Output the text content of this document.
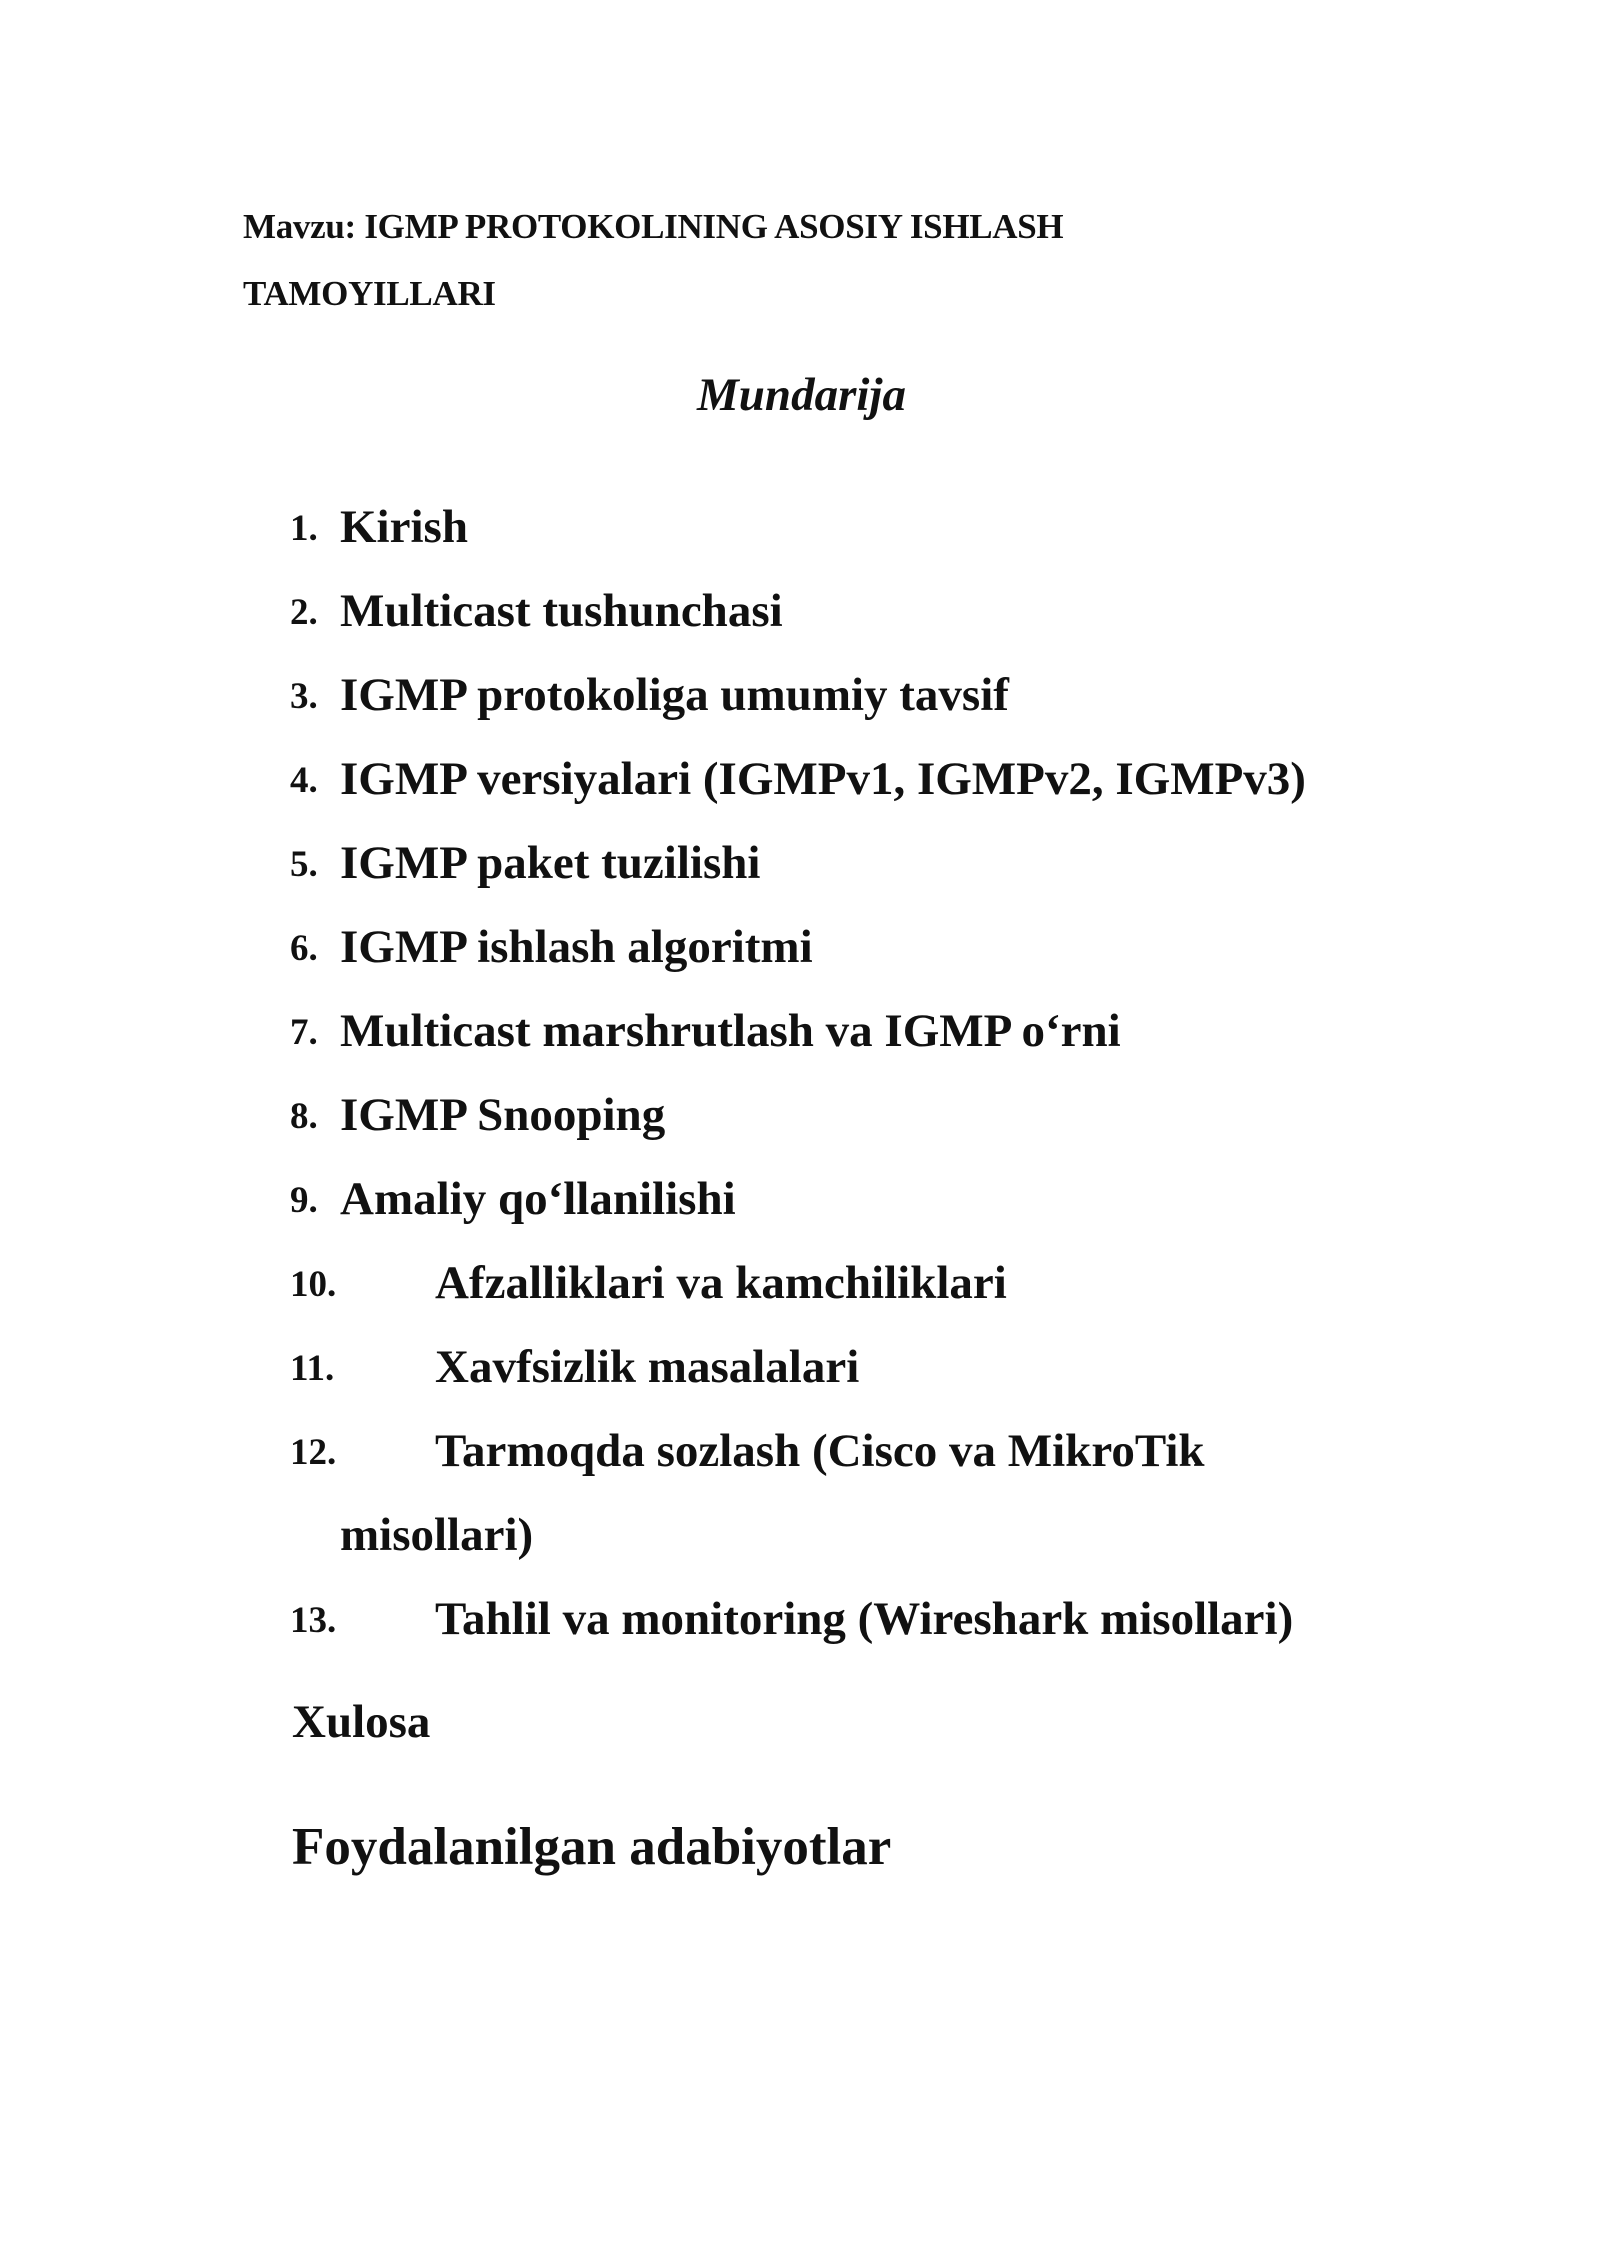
Mavzu: IGMP PROTOKOLINING ASOSIY ISHLASH
TAMOYILLARI
Mundarija
1. Kirish
2. Multicast tushunchasi
3. IGMP protokoliga umumiy tavsif
4. IGMP versiyalari (IGMPv1, IGMPv2, IGMPv3)
5. IGMP paket tuzilishi
6. IGMP ishlash algoritmi
7. Multicast marshrutlash va IGMP o‘rni
8. IGMP Snooping
9. Amaliy qo‘llanilishi
10. Afzalliklari va kamchiliklari
11. Xavfsizlik masalalari
12. Tarmoqda sozlash (Cisco va MikroTik
misollari)
13. Tahlil va monitoring (Wireshark misollari)
Xulosa
Foydalanilgan adabiyotlar
